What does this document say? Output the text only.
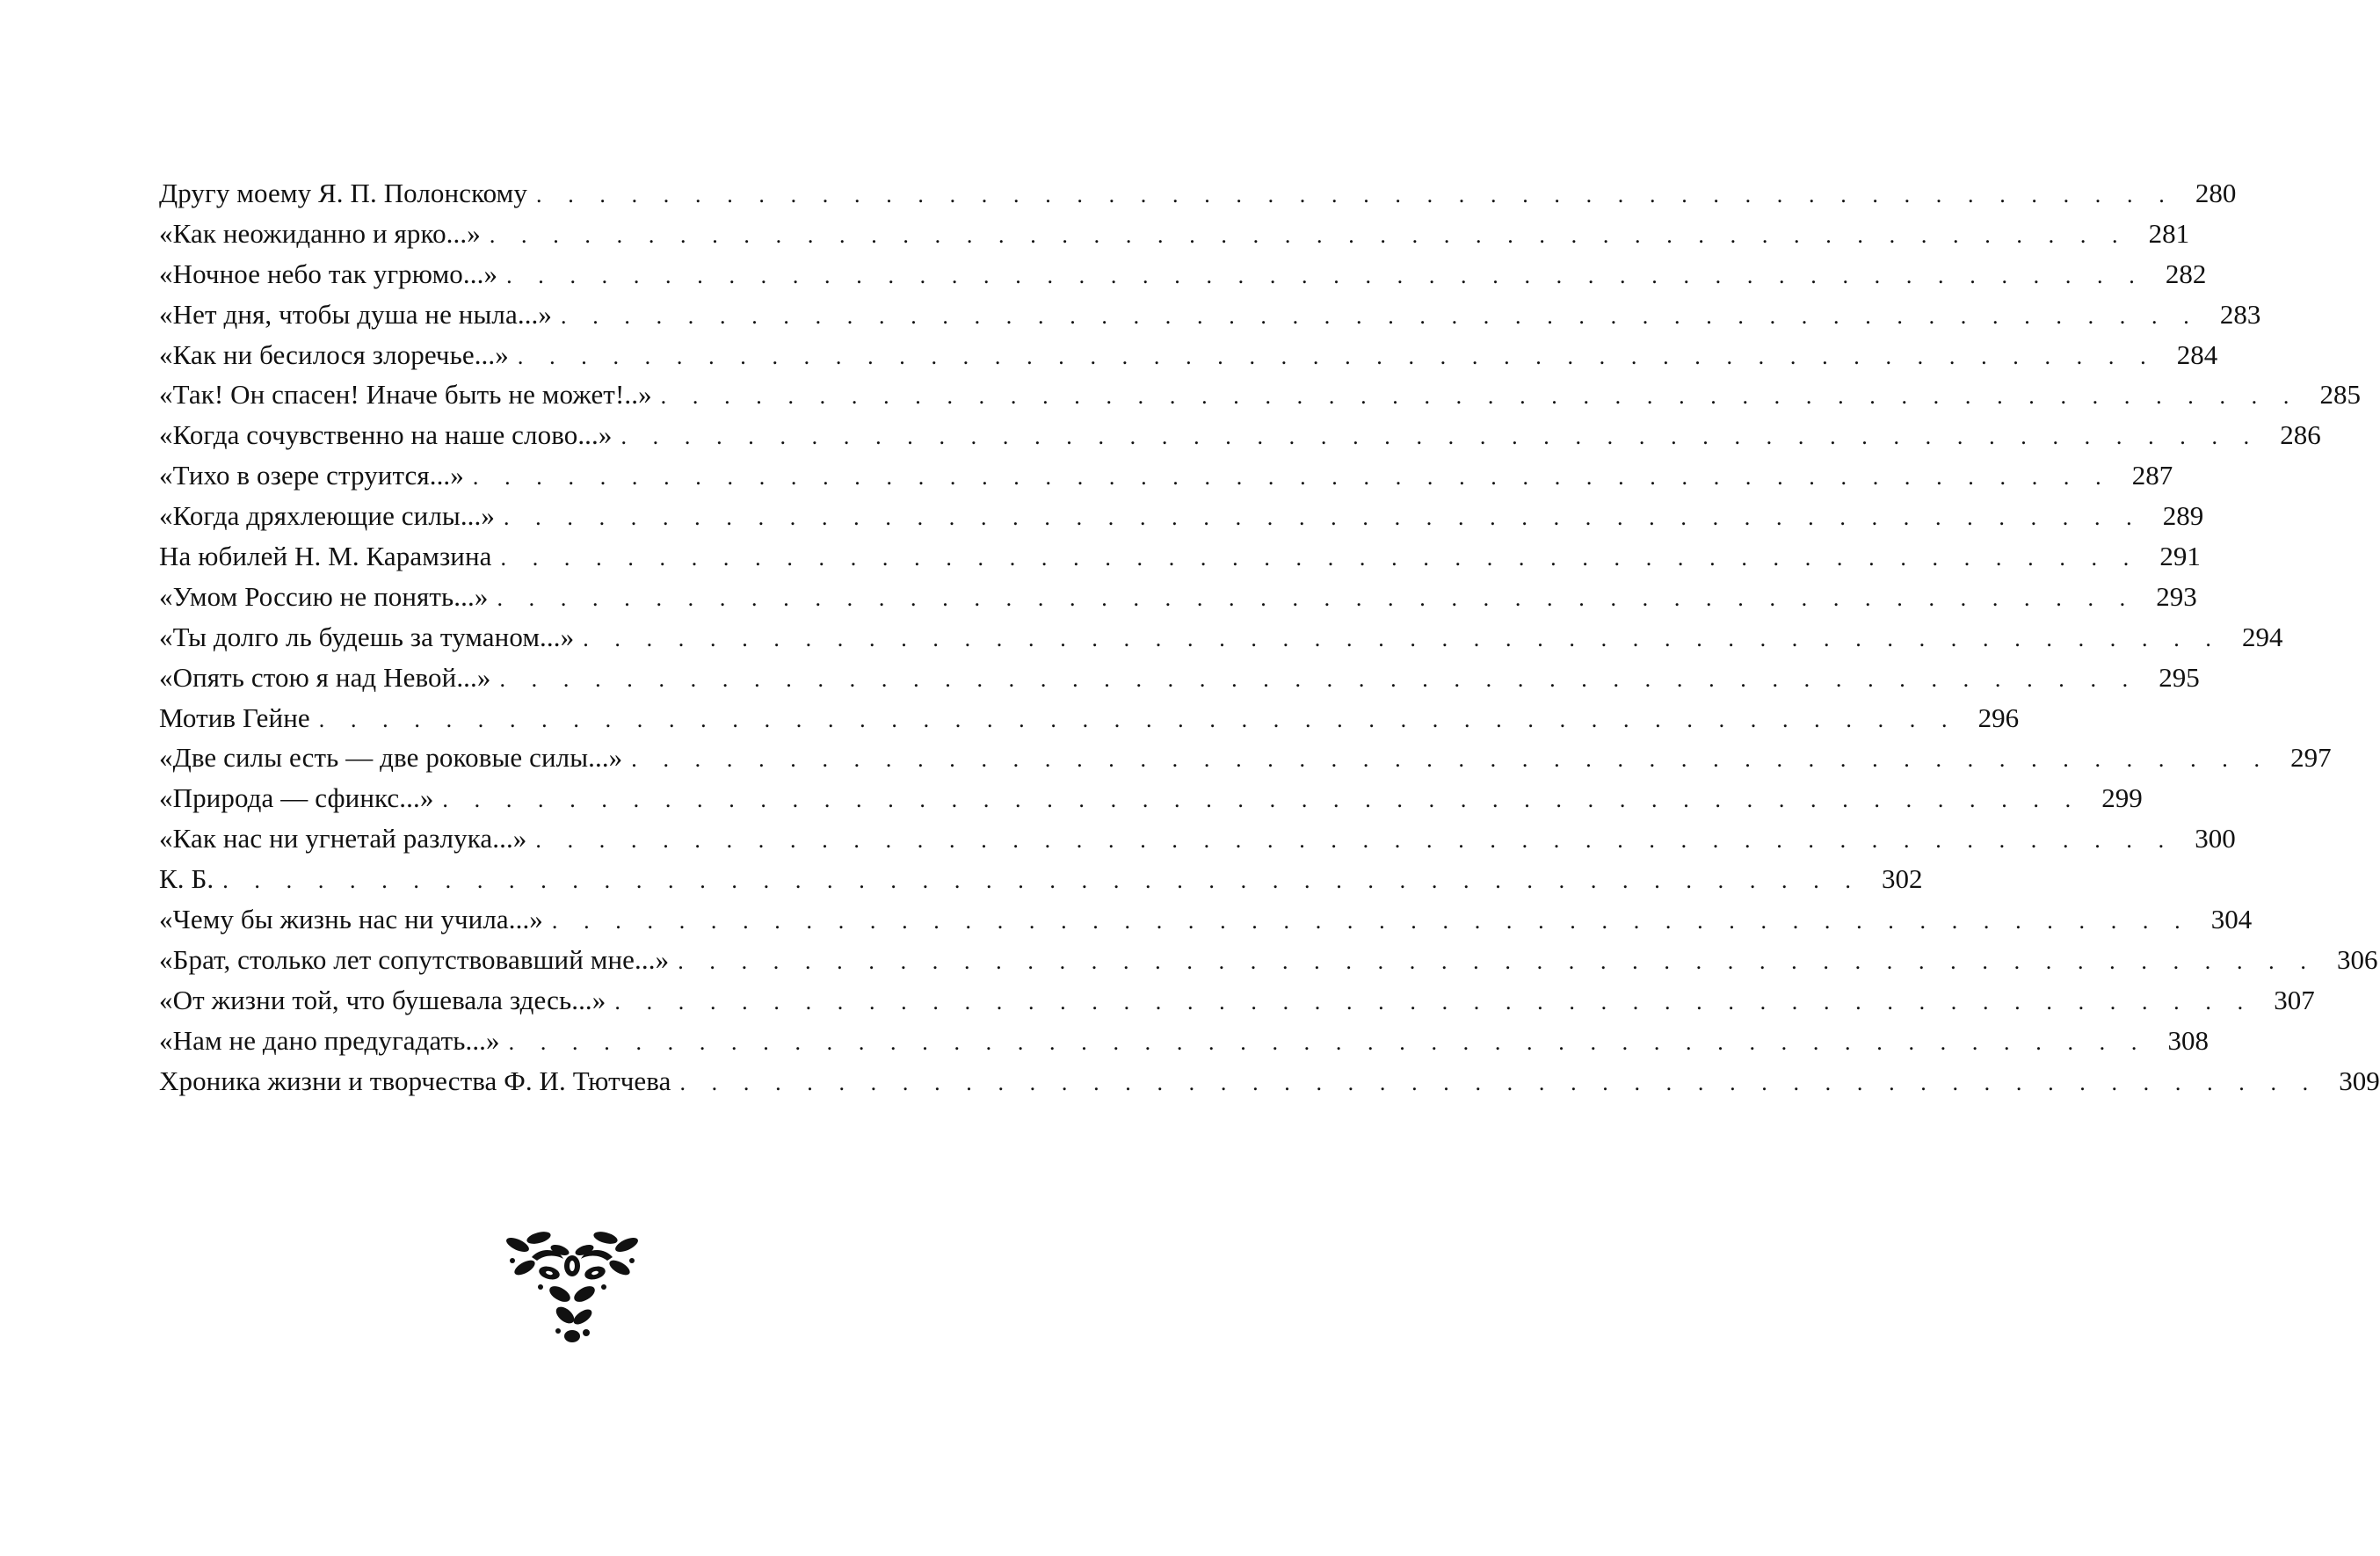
Другу моему Я. П. Полонскому . . . . . . . . . . . . . . . . . . . . . . . . . . . . . . . . . . . . . . . . . . . . . . . . . . . . 280
«Как неожиданно и ярко...» . . . . . . . . . . . . . . . . . . . . . . . . . . . . . . . . . . . . . . . . . . . . . . . . . . . . 281
«Ночное небо так угрюмо...» . . . . . . . . . . . . . . . . . . . . . . . . . . . . . . . . . . . . . . . . . . . . . . . . . . . . 282
«Нет дня, чтобы душа не ныла...» . . . . . . . . . . . . . . . . . . . . . . . . . . . . . . . . . . . . . . . . . . . . . . . . . . . . 283
«Как ни бесилося злоречье...» . . . . . . . . . . . . . . . . . . . . . . . . . . . . . . . . . . . . . . . . . . . . . . . . . . . . 284
«Так! Он спасен! Иначе быть не может!..» . . . . . . . . . . . . . . . . . . . . . . . . . . . . . . . . . . . . . . . . . . . . . . . . . . . . 285
«Когда сочувственно на наше слово...» . . . . . . . . . . . . . . . . . . . . . . . . . . . . . . . . . . . . . . . . . . . . . . . . . . . . 286
«Тихо в озере струится...» . . . . . . . . . . . . . . . . . . . . . . . . . . . . . . . . . . . . . . . . . . . . . . . . . . . . 287
«Когда дряхлеющие силы...» . . . . . . . . . . . . . . . . . . . . . . . . . . . . . . . . . . . . . . . . . . . . . . . . . . . . 289
На юбилей Н. М. Карамзина . . . . . . . . . . . . . . . . . . . . . . . . . . . . . . . . . . . . . . . . . . . . . . . . . . . . 291
«Умом Россию не понять...» . . . . . . . . . . . . . . . . . . . . . . . . . . . . . . . . . . . . . . . . . . . . . . . . . . . . 293
«Ты долго ль будешь за туманом...» . . . . . . . . . . . . . . . . . . . . . . . . . . . . . . . . . . . . . . . . . . . . . . . . . . . . 294
«Опять стою я над Невой...» . . . . . . . . . . . . . . . . . . . . . . . . . . . . . . . . . . . . . . . . . . . . . . . . . . . . 295
Мотив Гейне . . . . . . . . . . . . . . . . . . . . . . . . . . . . . . . . . . . . . . . . . . . . . . . . . . . . 296
«Две силы есть — две роковые силы...» . . . . . . . . . . . . . . . . . . . . . . . . . . . . . . . . . . . . . . . . . . . . . . . . . . . . 297
«Природа — сфинкс...» . . . . . . . . . . . . . . . . . . . . . . . . . . . . . . . . . . . . . . . . . . . . . . . . . . . . 299
«Как нас ни угнетай разлука...» . . . . . . . . . . . . . . . . . . . . . . . . . . . . . . . . . . . . . . . . . . . . . . . . . . . . 300
К. Б. . . . . . . . . . . . . . . . . . . . . . . . . . . . . . . . . . . . . . . . . . . . . . . . . . . . . 302
«Чему бы жизнь нас ни учила...» . . . . . . . . . . . . . . . . . . . . . . . . . . . . . . . . . . . . . . . . . . . . . . . . . . . . 304
«Брат, столько лет сопутствовавший мне...» . . . . . . . . . . . . . . . . . . . . . . . . . . . . . . . . . . . . . . . . . . . . . . . . . . . . 306
«От жизни той, что бушевала здесь...» . . . . . . . . . . . . . . . . . . . . . . . . . . . . . . . . . . . . . . . . . . . . . . . . . . . . 307
«Нам не дано предугадать...» . . . . . . . . . . . . . . . . . . . . . . . . . . . . . . . . . . . . . . . . . . . . . . . . . . . . 308
Хроника жизни и творчества Ф. И. Тютчева . . . . . . . . . . . . . . . . . . . . . . . . . . . . . . . . . . . . . . . . . . . . . . . . . . . . 309
